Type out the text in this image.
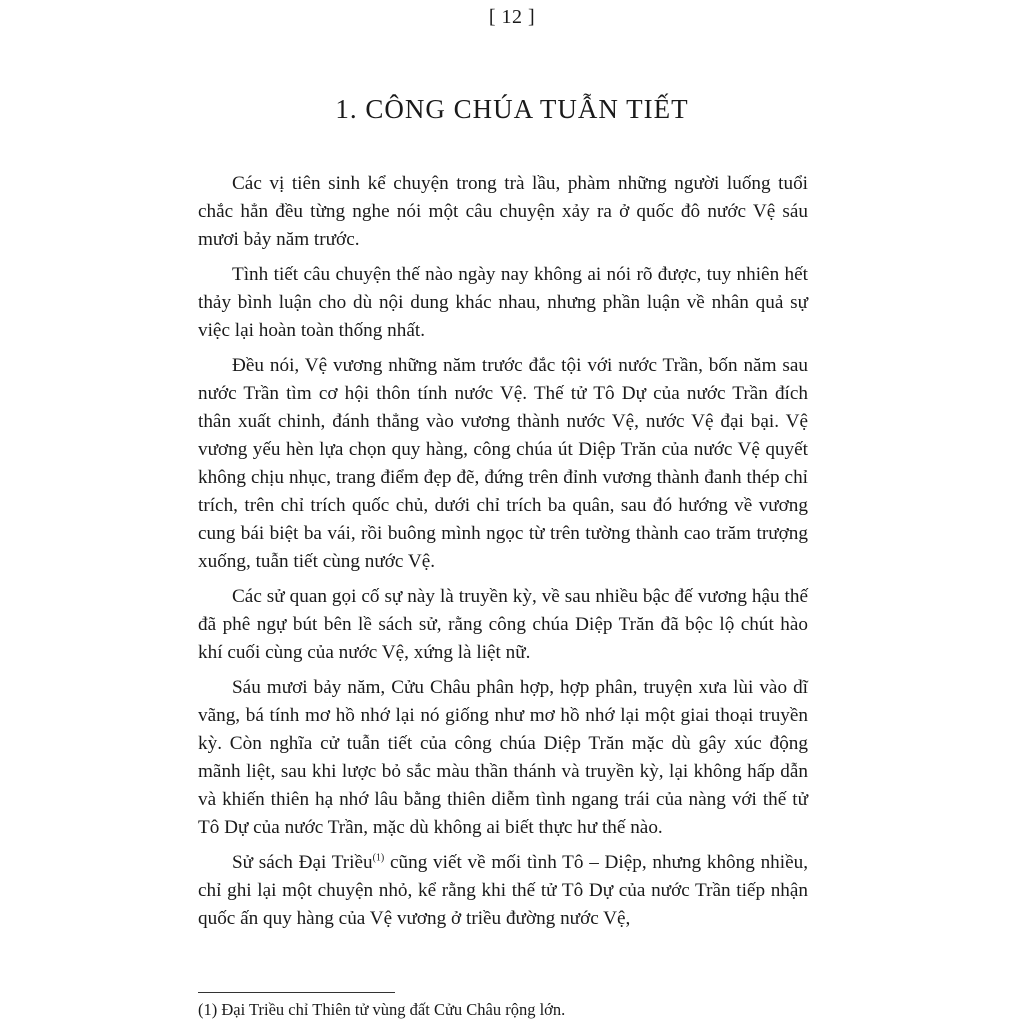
[ 12 ]
1. CÔNG CHÚA TUẪN TIẾT

Các vị tiên sinh kể chuyện trong trà lầu, phàm những người luống tuổi chắc hẳn đều từng nghe nói một câu chuyện xảy ra ở quốc đô nước Vệ sáu mươi bảy năm trước.

Tình tiết câu chuyện thế nào ngày nay không ai nói rõ được, tuy nhiên hết thảy bình luận cho dù nội dung khác nhau, nhưng phần luận về nhân quả sự việc lại hoàn toàn thống nhất.

Đều nói, Vệ vương những năm trước đắc tội với nước Trần, bốn năm sau nước Trần tìm cơ hội thôn tính nước Vệ. Thế tử Tô Dự của nước Trần đích thân xuất chinh, đánh thẳng vào vương thành nước Vệ, nước Vệ đại bại. Vệ vương yếu hèn lựa chọn quy hàng, công chúa út Diệp Trăn của nước Vệ quyết không chịu nhục, trang điểm đẹp đẽ, đứng trên đỉnh vương thành đanh thép chỉ trích, trên chỉ trích quốc chủ, dưới chỉ trích ba quân, sau đó hướng về vương cung bái biệt ba vái, rồi buông mình ngọc từ trên tường thành cao trăm trượng xuống, tuẫn tiết cùng nước Vệ.

Các sử quan gọi cố sự này là truyền kỳ, về sau nhiều bậc đế vương hậu thế đã phê ngự bút bên lề sách sử, rằng công chúa Diệp Trăn đã bộc lộ chút hào khí cuối cùng của nước Vệ, xứng là liệt nữ.

Sáu mươi bảy năm, Cửu Châu phân hợp, hợp phân, truyện xưa lùi vào dĩ vãng, bá tính mơ hồ nhớ lại nó giống như mơ hồ nhớ lại một giai thoại truyền kỳ. Còn nghĩa cử tuẫn tiết của công chúa Diệp Trăn mặc dù gây xúc động mãnh liệt, sau khi lược bỏ sắc màu thần thánh và truyền kỳ, lại không hấp dẫn và khiến thiên hạ nhớ lâu bằng thiên diễm tình ngang trái của nàng với thế tử Tô Dự của nước Trần, mặc dù không ai biết thực hư thế nào.

Sử sách Đại Triều$^{(1)}$ cũng viết về mối tình Tô – Diệp, nhưng không nhiều, chỉ ghi lại một chuyện nhỏ, kể rằng khi thế tử Tô Dự của nước Trần tiếp nhận quốc ấn quy hàng của Vệ vương ở triều đường nước Vệ,

(1) Đại Triều chỉ Thiên tử vùng đất Cửu Châu rộng lớn.
